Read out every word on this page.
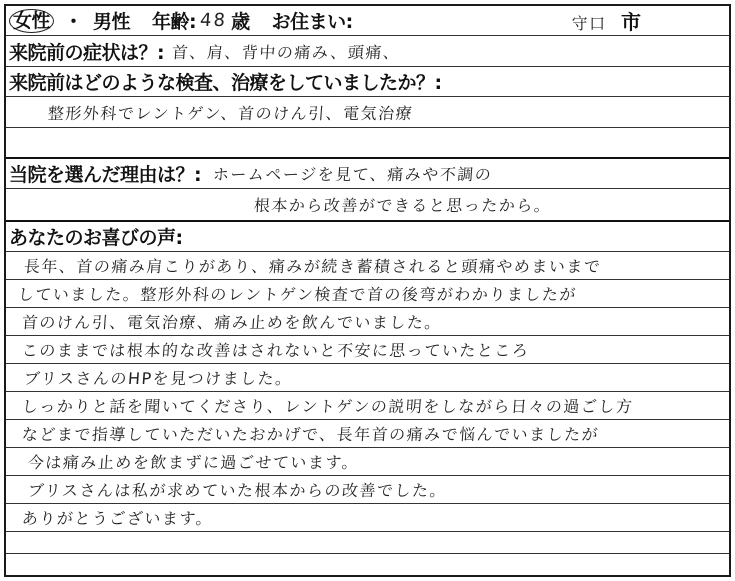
女性 ・ 男性	年齢: 48 歳	お住まい:	守口 市
来院前の症状は？: 首、肩、背中の痛み、頭痛、
来院前はどのような検査、治療をしていましたか？:
整形外科でレントゲン、首のけん引、電気治療
当院を選んだ理由は？: ホームページを見て、痛みや不調の
根本から改善ができると思ったから。
あなたのお喜びの声:
長年、首の痛み肩こりがあり、痛みが続き蓄積されると頭痛やめまいまで
していました。整形外科のレントゲン検査で首の後弯がわかりましたが
首のけん引、電気治療、痛み止めを飲んでいました。
このままでは根本的な改善はされないと不安に思っていたところ
ブリスさんのHPを見つけました。
しっかりと話を聞いてくださり、レントゲンの説明をしながら日々の過ごし方
などまで指導していただいたおかげで、長年首の痛みで悩んでいましたが
今は痛み止めを飲まずに過ごせています。
ブリスさんは私が求めていた根本からの改善でした。
ありがとうございます。
